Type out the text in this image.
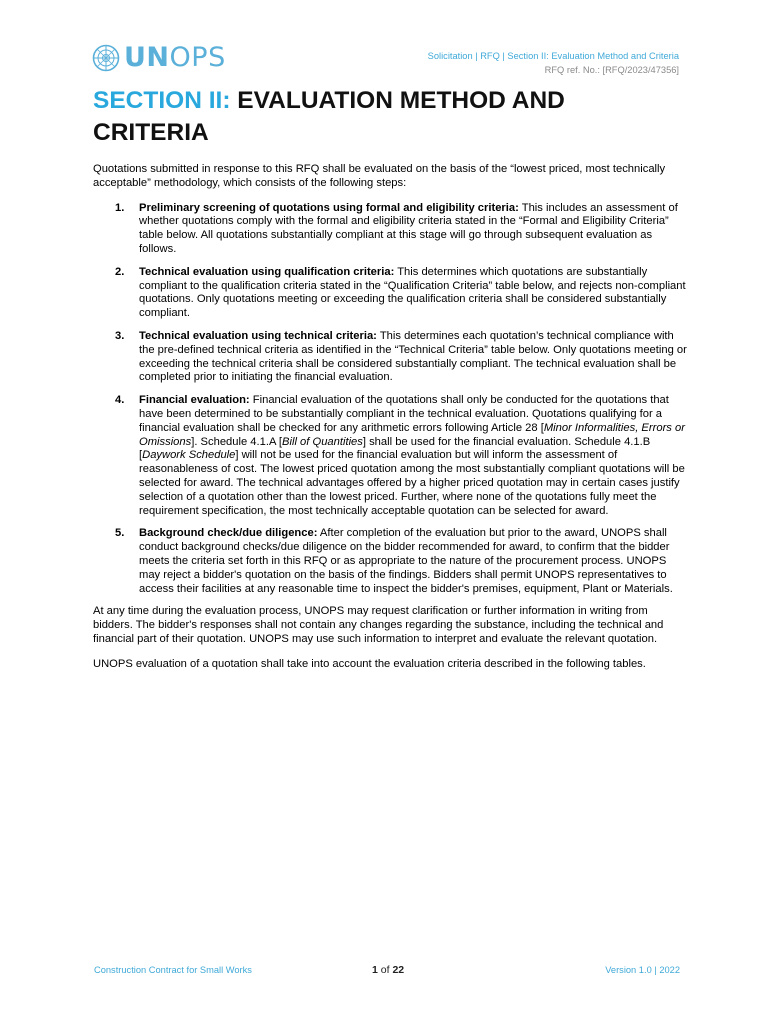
UNOPS	Solicitation | RFQ | Section II: Evaluation Method and Criteria
RFQ ref. No.: [RFQ/2023/47356]
SECTION II: EVALUATION METHOD AND CRITERIA

Quotations submitted in response to this RFQ shall be evaluated on the basis of the “lowest priced, most technically acceptable” methodology, which consists of the following steps:

1. Preliminary screening of quotations using formal and eligibility criteria: This includes an assessment of whether quotations comply with the formal and eligibility criteria stated in the “Formal and Eligibility Criteria” table below. All quotations substantially compliant at this stage will go through subsequent evaluation as follows.
2. Technical evaluation using qualification criteria: This determines which quotations are substantially compliant to the qualification criteria stated in the “Qualification Criteria” table below, and rejects non-compliant quotations. Only quotations meeting or exceeding the qualification criteria shall be considered substantially compliant.
3. Technical evaluation using technical criteria: This determines each quotation’s technical compliance with the pre-defined technical criteria as identified in the “Technical Criteria” table below. Only quotations meeting or exceeding the technical criteria shall be considered substantially compliant. The technical evaluation shall be completed prior to initiating the financial evaluation.
4. Financial evaluation: Financial evaluation of the quotations shall only be conducted for the quotations that have been determined to be substantially compliant in the technical evaluation. Quotations qualifying for a financial evaluation shall be checked for any arithmetic errors following Article 28 [Minor Informalities, Errors or Omissions]. Schedule 4.1.A [Bill of Quantities] shall be used for the financial evaluation. Schedule 4.1.B [Daywork Schedule] will not be used for the financial evaluation but will inform the assessment of reasonableness of cost. The lowest priced quotation among the most substantially compliant quotations will be selected for award. The technical advantages offered by a higher priced quotation may in certain cases justify selection of a quotation other than the lowest priced. Further, where none of the quotations fully meet the requirement specification, the most technically acceptable quotation can be selected for award.
5. Background check/due diligence: After completion of the evaluation but prior to the award, UNOPS shall conduct background checks/due diligence on the bidder recommended for award, to confirm that the bidder meets the criteria set forth in this RFQ or as appropriate to the nature of the procurement process. UNOPS may reject a bidder's quotation on the basis of the findings. Bidders shall permit UNOPS representatives to access their facilities at any reasonable time to inspect the bidder's premises, equipment, Plant or Materials.

At any time during the evaluation process, UNOPS may request clarification or further information in writing from bidders. The bidder's responses shall not contain any changes regarding the substance, including the technical and financial part of their quotation. UNOPS may use such information to interpret and evaluate the relevant quotation.

UNOPS evaluation of a quotation shall take into account the evaluation criteria described in the following tables.

Construction Contract for Small Works	1 of 22	Version 1.0 | 2022
